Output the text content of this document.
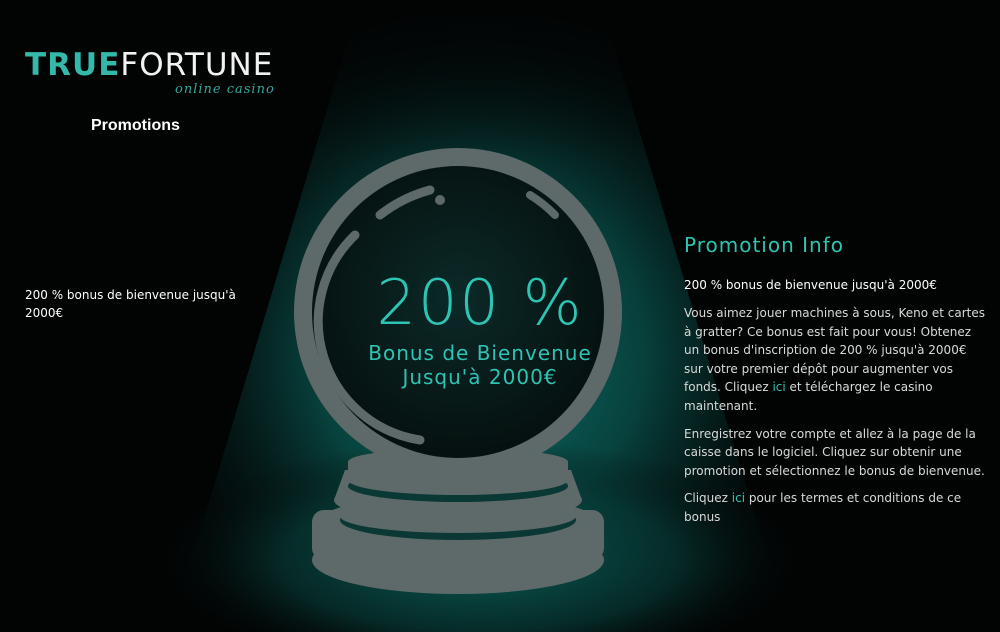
TRUEFORTUNE
online casino
Promotions
200 % bonus de bienvenue jusqu'à 2000€	200 %
Bonus de Bienvenue
Jusqu'à 2000€
Promotion Info
200 % bonus de bienvenue jusqu'à 2000€

Vous aimez jouer machines à sous, Keno et cartes à gratter? Ce bonus est fait pour vous! Obtenez un bonus d'inscription de 200 % jusqu'à 2000€ sur votre premier dépôt pour augmenter vos fonds. Cliquez ici et téléchargez le casino maintenant.

Enregistrez votre compte et allez à la page de la caisse dans le logiciel. Cliquez sur obtenir une promotion et sélectionnez le bonus de bienvenue.

Cliquez ici pour les termes et conditions de ce bonus
